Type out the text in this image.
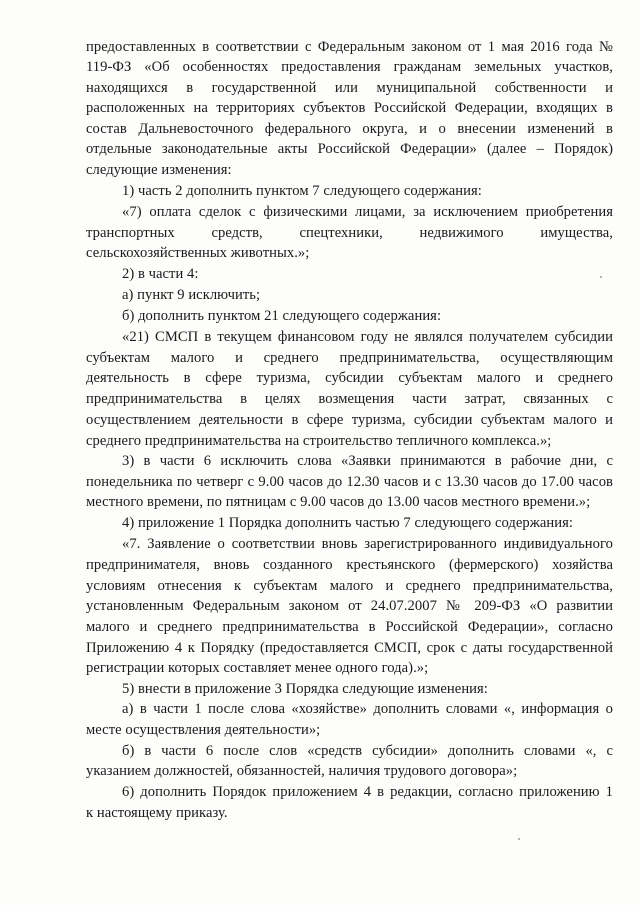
предоставленных в соответствии с Федеральным законом от 1 мая 2016 года №
119-ФЗ «Об особенностях предоставления гражданам земельных участков,
находящихся в государственной или муниципальной собственности и
расположенных на территориях субъектов Российской Федерации, входящих в
состав Дальневосточного федерального округа, и о внесении изменений в
отдельные законодательные акты Российской Федерации» (далее – Порядок)
следующие изменения:
1) часть 2 дополнить пунктом 7 следующего содержания:
«7) оплата сделок с физическими лицами, за исключением приобретения
транспортных средств, спецтехники, недвижимого имущества,
сельскохозяйственных животных.»;
2) в части 4:
а) пункт 9 исключить;
б) дополнить пунктом 21 следующего содержания:
«21) СМСП в текущем финансовом году не являлся получателем субсидии
субъектам малого и среднего предпринимательства, осуществляющим
деятельность в сфере туризма, субсидии субъектам малого и среднего
предпринимательства в целях возмещения части затрат, связанных с
осуществлением деятельности в сфере туризма, субсидии субъектам малого и
среднего предпринимательства на строительство тепличного комплекса.»;
3) в части 6 исключить слова «Заявки принимаются в рабочие дни, с
понедельника по четверг с 9.00 часов до 12.30 часов и с 13.30 часов до 17.00 часов
местного времени, по пятницам с 9.00 часов до 13.00 часов местного времени.»;
4) приложение 1 Порядка дополнить частью 7 следующего содержания:
«7. Заявление о соответствии вновь зарегистрированного индивидуального
предпринимателя, вновь созданного крестьянского (фермерского) хозяйства
условиям отнесения к субъектам малого и среднего предпринимательства,
установленным Федеральным законом от 24.07.2007 № 209-ФЗ «О развитии
малого и среднего предпринимательства в Российской Федерации», согласно
Приложению 4 к Порядку (предоставляется СМСП, срок с даты государственной
регистрации которых составляет менее одного года).»;
5) внести в приложение 3 Порядка следующие изменения:
а) в части 1 после слова «хозяйстве» дополнить словами «, информация о
месте осуществления деятельности»;
б) в части 6 после слов «средств субсидии» дополнить словами «, с
указанием должностей, обязанностей, наличия трудового договора»;
6) дополнить Порядок приложением 4 в редакции, согласно приложению 1
к настоящему приказу.
